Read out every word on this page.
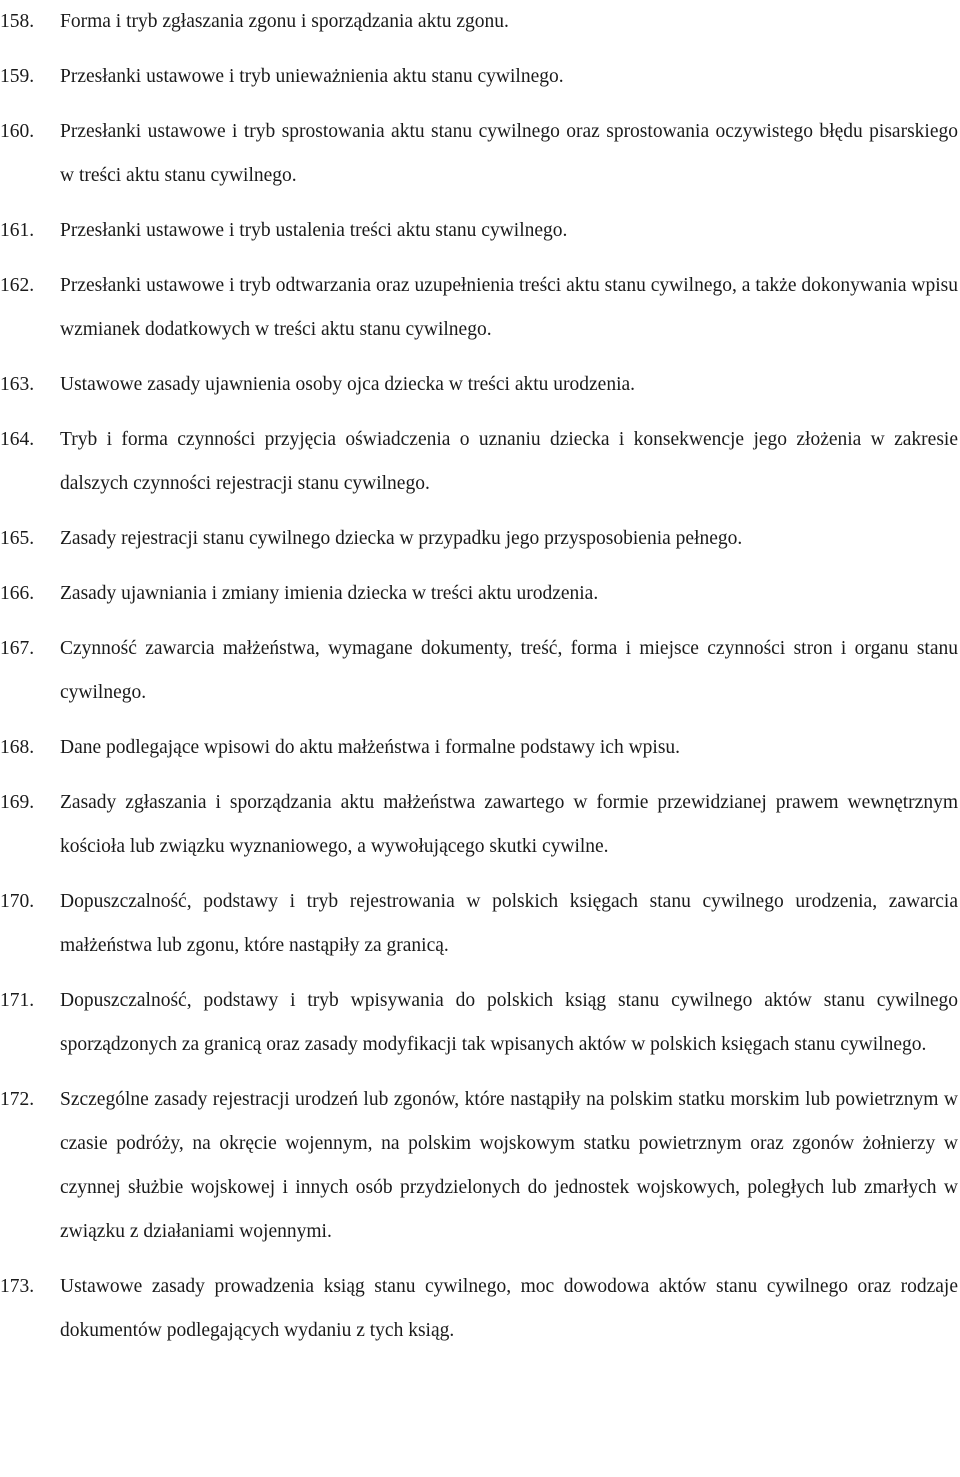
158.	Forma i tryb zgłaszania zgonu i sporządzania aktu zgonu.
159.	Przesłanki ustawowe i tryb unieważnienia aktu stanu cywilnego.
160.	Przesłanki ustawowe i tryb sprostowania aktu stanu cywilnego oraz sprostowania oczywistego błędu pisarskiego w treści aktu stanu cywilnego.
161.	Przesłanki ustawowe i tryb ustalenia treści aktu stanu cywilnego.
162.	Przesłanki ustawowe i tryb odtwarzania oraz uzupełnienia treści aktu stanu cywilnego, a także dokonywania wpisu wzmianek dodatkowych w treści aktu stanu cywilnego.
163.	Ustawowe zasady ujawnienia osoby ojca dziecka w treści aktu urodzenia.
164.	Tryb i forma czynności przyjęcia oświadczenia o uznaniu dziecka i konsekwencje jego złożenia w zakresie dalszych czynności rejestracji stanu cywilnego.
165.	Zasady rejestracji stanu cywilnego dziecka w przypadku jego przysposobienia pełnego.
166.	Zasady ujawniania i zmiany imienia dziecka w treści aktu urodzenia.
167.	Czynność zawarcia małżeństwa, wymagane dokumenty, treść, forma i miejsce czynności stron i organu stanu cywilnego.
168.	Dane podlegające wpisowi do aktu małżeństwa i formalne podstawy ich wpisu.
169.	Zasady zgłaszania i sporządzania aktu małżeństwa zawartego w formie przewidzianej prawem wewnętrznym kościoła lub związku wyznaniowego, a wywołującego skutki cywilne.
170.	Dopuszczalność, podstawy i tryb rejestrowania w polskich księgach stanu cywilnego urodzenia, zawarcia małżeństwa lub zgonu, które nastąpiły za granicą.
171.	Dopuszczalność, podstawy i tryb wpisywania do polskich ksiąg stanu cywilnego aktów stanu cywilnego sporządzonych za granicą oraz zasady modyfikacji tak wpisanych aktów w polskich księgach stanu cywilnego.
172.	Szczególne zasady rejestracji urodzeń lub zgonów, które nastąpiły na polskim statku morskim lub powietrznym w czasie podróży, na okręcie wojennym, na polskim wojskowym statku powietrznym oraz zgonów żołnierzy w czynnej służbie wojskowej i innych osób przydzielonych do jednostek wojskowych, poległych lub zmarłych w związku z działaniami wojennymi.
173.	Ustawowe zasady prowadzenia ksiąg stanu cywilnego, moc dowodowa aktów stanu cywilnego oraz rodzaje dokumentów podlegających wydaniu z tych ksiąg.
